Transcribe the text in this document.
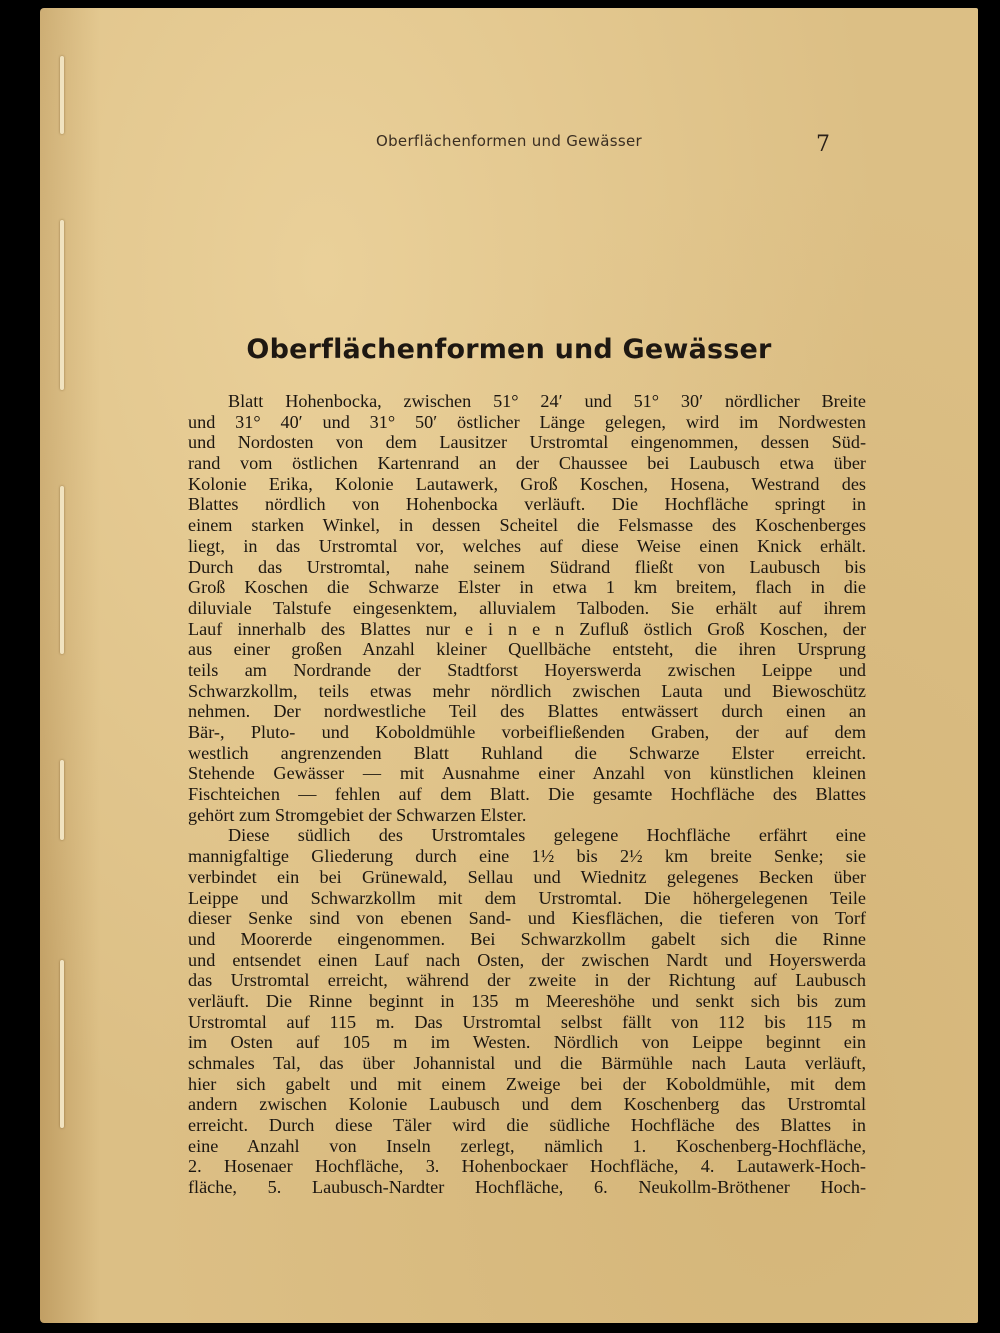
Oberflächenformen und Gewässer	7
Oberflächenformen und Gewässer
Blatt Hohenbocka, zwischen 51° 24′ und 51° 30′ nördlicher Breite
und 31° 40′ und 31° 50′ östlicher Länge gelegen, wird im Nordwesten
und Nordosten von dem Lausitzer Urstromtal eingenommen, dessen Süd-
rand vom östlichen Kartenrand an der Chaussee bei Laubusch etwa über
Kolonie Erika, Kolonie Lautawerk, Groß Koschen, Hosena, Westrand des
Blattes nördlich von Hohenbocka verläuft. Die Hochfläche springt in
einem starken Winkel, in dessen Scheitel die Felsmasse des Koschenberges
liegt, in das Urstromtal vor, welches auf diese Weise einen Knick erhält.
Durch das Urstromtal, nahe seinem Südrand fließt von Laubusch bis
Groß Koschen die Schwarze Elster in etwa 1 km breitem, flach in die
diluviale Talstufe eingesenktem, alluvialem Talboden. Sie erhält auf ihrem
Lauf innerhalb des Blattes nur e i n e n Zufluß östlich Groß Koschen, der
aus einer großen Anzahl kleiner Quellbäche entsteht, die ihren Ursprung
teils am Nordrande der Stadtforst Hoyerswerda zwischen Leippe und
Schwarzkollm, teils etwas mehr nördlich zwischen Lauta und Biewoschütz
nehmen. Der nordwestliche Teil des Blattes entwässert durch einen an
Bär-, Pluto- und Koboldmühle vorbeifließenden Graben, der auf dem
westlich angrenzenden Blatt Ruhland die Schwarze Elster erreicht.
Stehende Gewässer — mit Ausnahme einer Anzahl von künstlichen kleinen
Fischteichen — fehlen auf dem Blatt. Die gesamte Hochfläche des Blattes
gehört zum Stromgebiet der Schwarzen Elster.
Diese südlich des Urstromtales gelegene Hochfläche erfährt eine
mannigfaltige Gliederung durch eine 1½ bis 2½ km breite Senke; sie
verbindet ein bei Grünewald, Sellau und Wiednitz gelegenes Becken über
Leippe und Schwarzkollm mit dem Urstromtal. Die höhergelegenen Teile
dieser Senke sind von ebenen Sand- und Kiesflächen, die tieferen von Torf
und Moorerde eingenommen. Bei Schwarzkollm gabelt sich die Rinne
und entsendet einen Lauf nach Osten, der zwischen Nardt und Hoyerswerda
das Urstromtal erreicht, während der zweite in der Richtung auf Laubusch
verläuft. Die Rinne beginnt in 135 m Meereshöhe und senkt sich bis zum
Urstromtal auf 115 m. Das Urstromtal selbst fällt von 112 bis 115 m
im Osten auf 105 m im Westen. Nördlich von Leippe beginnt ein
schmales Tal, das über Johannistal und die Bärmühle nach Lauta verläuft,
hier sich gabelt und mit einem Zweige bei der Koboldmühle, mit dem
andern zwischen Kolonie Laubusch und dem Koschenberg das Urstromtal
erreicht. Durch diese Täler wird die südliche Hochfläche des Blattes in
eine Anzahl von Inseln zerlegt, nämlich 1. Koschenberg-Hochfläche,
2. Hosenaer Hochfläche, 3. Hohenbockaer Hochfläche, 4. Lautawerk-Hoch-
fläche, 5. Laubusch-Nardter Hochfläche, 6. Neukollm-Bröthener Hoch-
